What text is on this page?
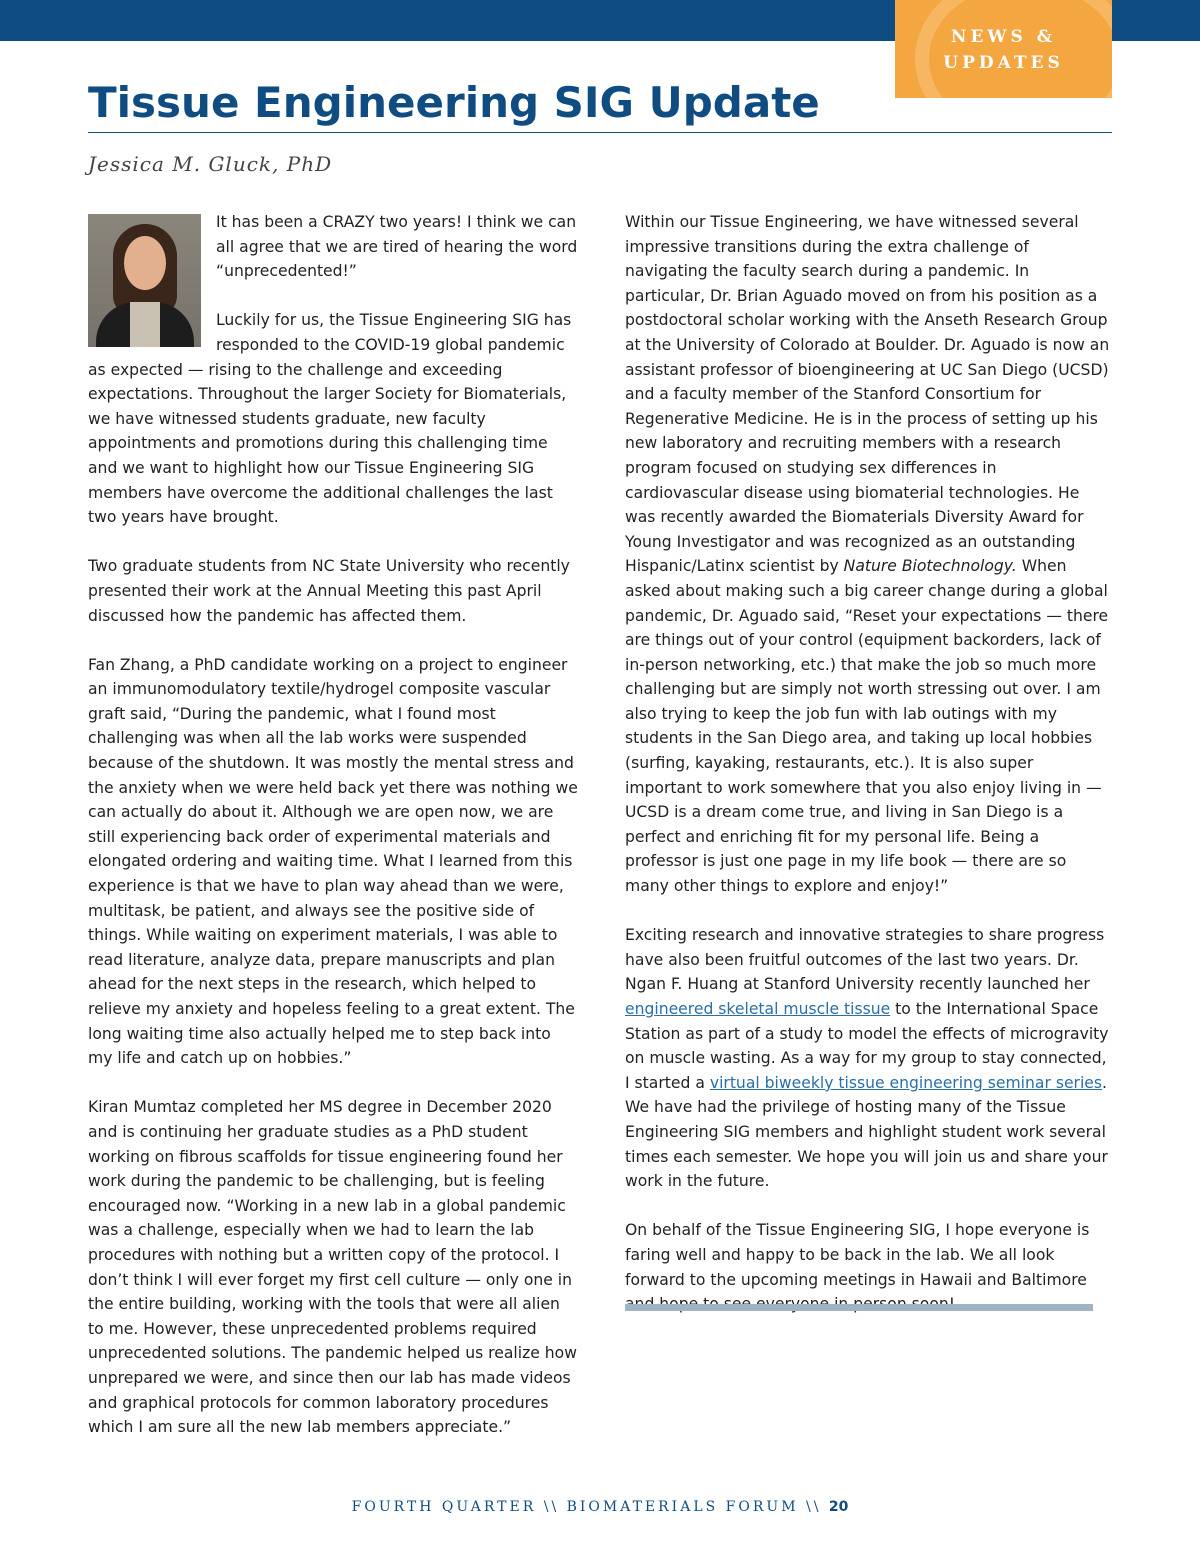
NEWS &
UPDATES
Tissue Engineering SIG Update
Jessica M. Gluck, PhD

It has been a CRAZY two years! I think we can all agree that we are tired of hearing the word “unprecedented!”

Luckily for us, the Tissue Engineering SIG has responded to the COVID-19 global pandemic as expected — rising to the challenge and exceeding expectations. Throughout the larger Society for Biomaterials, we have witnessed students graduate, new faculty appointments and promotions during this challenging time and we want to highlight how our Tissue Engineering SIG members have overcome the additional challenges the last two years have brought.

Two graduate students from NC State University who recently presented their work at the Annual Meeting this past April discussed how the pandemic has affected them.

Fan Zhang, a PhD candidate working on a project to engineer an immunomodulatory textile/hydrogel composite vascular graft said, “During the pandemic, what I found most challenging was when all the lab works were suspended because of the shutdown. It was mostly the mental stress and the anxiety when we were held back yet there was nothing we can actually do about it. Although we are open now, we are still experiencing back order of experimental materials and elongated ordering and waiting time. What I learned from this experience is that we have to plan way ahead than we were, multitask, be patient, and always see the positive side of things. While waiting on experiment materials, I was able to read literature, analyze data, prepare manuscripts and plan ahead for the next steps in the research, which helped to relieve my anxiety and hopeless feeling to a great extent. The long waiting time also actually helped me to step back into my life and catch up on hobbies.”

Kiran Mumtaz completed her MS degree in December 2020 and is continuing her graduate studies as a PhD student working on fibrous scaffolds for tissue engineering found her work during the pandemic to be challenging, but is feeling encouraged now. “Working in a new lab in a global pandemic was a challenge, especially when we had to learn the lab procedures with nothing but a written copy of the protocol. I don’t think I will ever forget my first cell culture — only one in the entire building, working with the tools that were all alien to me. However, these unprecedented problems required unprecedented solutions. The pandemic helped us realize how unprepared we were, and since then our lab has made videos and graphical protocols for common laboratory procedures which I am sure all the new lab members appreciate.”

Within our Tissue Engineering, we have witnessed several impressive transitions during the extra challenge of navigating the faculty search during a pandemic. In particular, Dr. Brian Aguado moved on from his position as a postdoctoral scholar working with the Anseth Research Group at the University of Colorado at Boulder. Dr. Aguado is now an assistant professor of bioengineering at UC San Diego (UCSD) and a faculty member of the Stanford Consortium for Regenerative Medicine. He is in the process of setting up his new laboratory and recruiting members with a research program focused on studying sex differences in cardiovascular disease using biomaterial technologies. He was recently awarded the Biomaterials Diversity Award for Young Investigator and was recognized as an outstanding Hispanic/Latinx scientist by Nature Biotechnology. When asked about making such a big career change during a global pandemic, Dr. Aguado said, “Reset your expectations — there are things out of your control (equipment backorders, lack of in-person networking, etc.) that make the job so much more challenging but are simply not worth stressing out over. I am also trying to keep the job fun with lab outings with my students in the San Diego area, and taking up local hobbies (surfing, kayaking, restaurants, etc.). It is also super important to work somewhere that you also enjoy living in — UCSD is a dream come true, and living in San Diego is a perfect and enriching fit for my personal life. Being a professor is just one page in my life book — there are so many other things to explore and enjoy!”

Exciting research and innovative strategies to share progress have also been fruitful outcomes of the last two years. Dr. Ngan F. Huang at Stanford University recently launched her engineered skeletal muscle tissue to the International Space Station as part of a study to model the effects of microgravity on muscle wasting. As a way for my group to stay connected, I started a virtual biweekly tissue engineering seminar series. We have had the privilege of hosting many of the Tissue Engineering SIG members and highlight student work several times each semester. We hope you will join us and share your work in the future.

On behalf of the Tissue Engineering SIG, I hope everyone is faring well and happy to be back in the lab. We all look forward to the upcoming meetings in Hawaii and Baltimore

FOURTH QUARTER \\ BIOMATERIALS FORUM \\ 20
